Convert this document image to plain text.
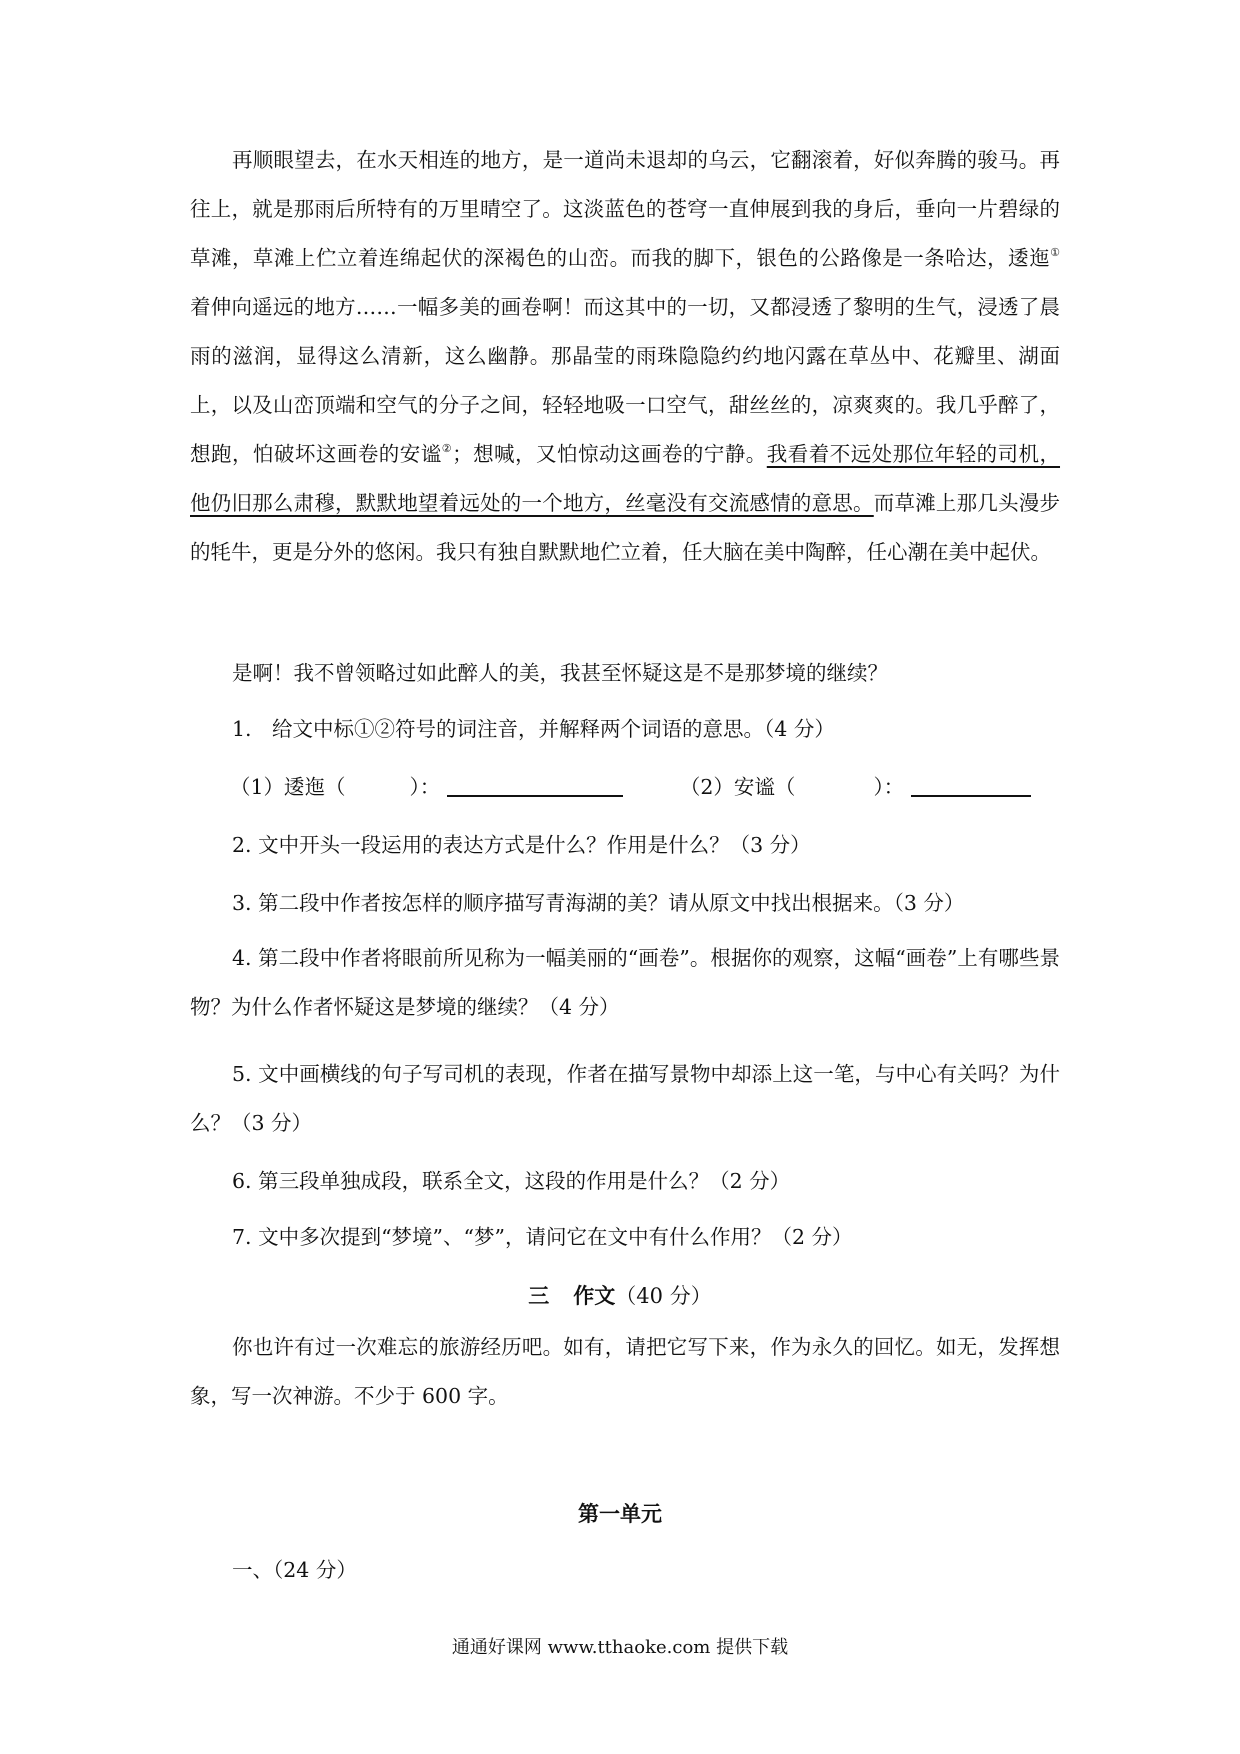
再顺眼望去，在水天相连的地方，是一道尚未退却的乌云，它翻滚着，好似奔腾的骏马。再往上，就是那雨后所特有的万里晴空了。这淡蓝色的苍穹一直伸展到我的身后，垂向一片碧绿的草滩，草滩上伫立着连绵起伏的深褐色的山峦。而我的脚下，银色的公路像是一条哈达，逶迤①着伸向遥远的地方……一幅多美的画卷啊！而这其中的一切，又都浸透了黎明的生气，浸透了晨雨的滋润，显得这么清新，这么幽静。那晶莹的雨珠隐隐约约地闪露在草丛中、花瓣里、湖面上，以及山峦顶端和空气的分子之间，轻轻地吸一口空气，甜丝丝的，凉爽爽的。我几乎醉了，想跑，怕破坏这画卷的安谧②；想喊，又怕惊动这画卷的宁静。我看着不远处那位年轻的司机，他仍旧那么肃穆，默默地望着远处的一个地方，丝毫没有交流感情的意思。而草滩上那几头漫步的牦牛，更是分外的悠闲。我只有独自默默地伫立着，任大脑在美中陶醉，任心潮在美中起伏。

是啊！我不曾领略过如此醉人的美，我甚至怀疑这是不是那梦境的继续？

1.　给文中标①②符号的词注音，并解释两个词语的意思。（4 分）

（1）逶迤（	）：	（2）安谧（	）：

2. 文中开头一段运用的表达方式是什么？作用是什么？（3 分）

3. 第二段中作者按怎样的顺序描写青海湖的美？请从原文中找出根据来。（3 分）

4. 第二段中作者将眼前所见称为一幅美丽的“画卷”。根据你的观察，这幅“画卷”上有哪些景物？为什么作者怀疑这是梦境的继续？（4 分）

5. 文中画横线的句子写司机的表现，作者在描写景物中却添上这一笔，与中心有关吗？为什么？（3 分）

6. 第三段单独成段，联系全文，这段的作用是什么？（2 分）

7. 文中多次提到“梦境”、“梦”，请问它在文中有什么作用？（2 分）

三 作文（40 分）

你也许有过一次难忘的旅游经历吧。如有，请把它写下来，作为永久的回忆。如无，发挥想象，写一次神游。不少于 600 字。

第一单元

一、（24 分）

通通好课网 www.tthaoke.com 提供下载
